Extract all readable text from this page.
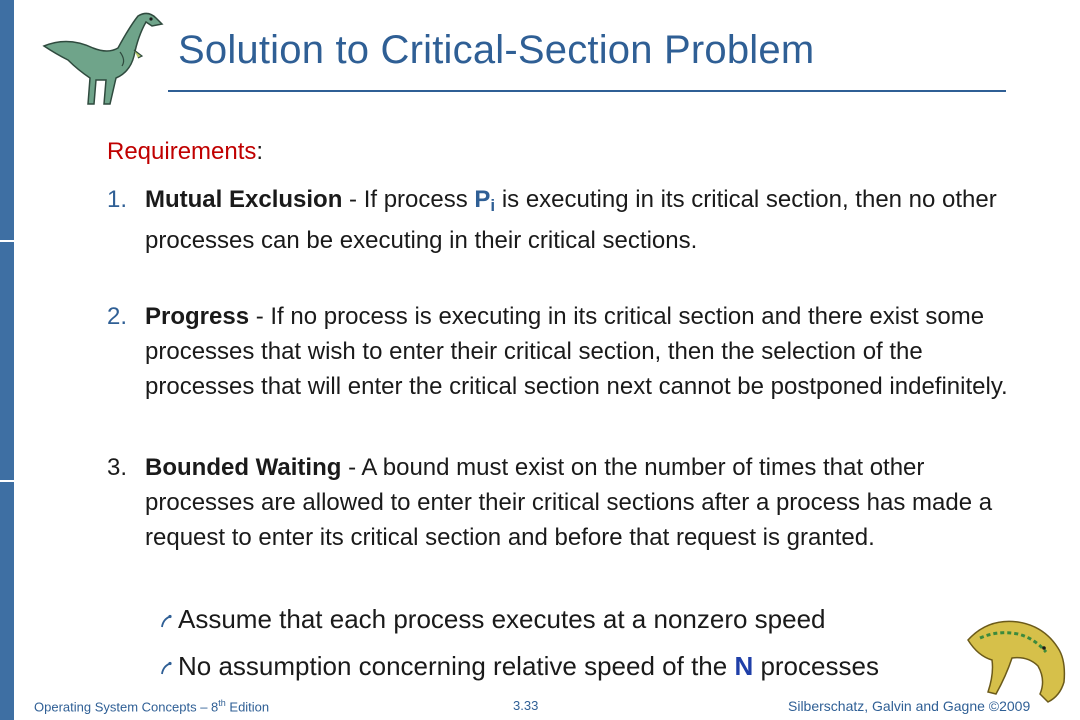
Solution to Critical-Section Problem
Requirements:
1. Mutual Exclusion - If process $P_i$ is executing in its critical section, then no other processes can be executing in their critical sections.
2. Progress - If no process is executing in its critical section and there exist some processes that wish to enter their critical section, then the selection of the processes that will enter the critical section next cannot be postponed indefinitely.
3. Bounded Waiting - A bound must exist on the number of times that other processes are allowed to enter their critical sections after a process has made a request to enter its critical section and before that request is granted.
Assume that each process executes at a nonzero speed
No assumption concerning relative speed of the N processes
Operating System Concepts – 8th Edition	3.33	Silberschatz, Galvin and Gagne ©2009
